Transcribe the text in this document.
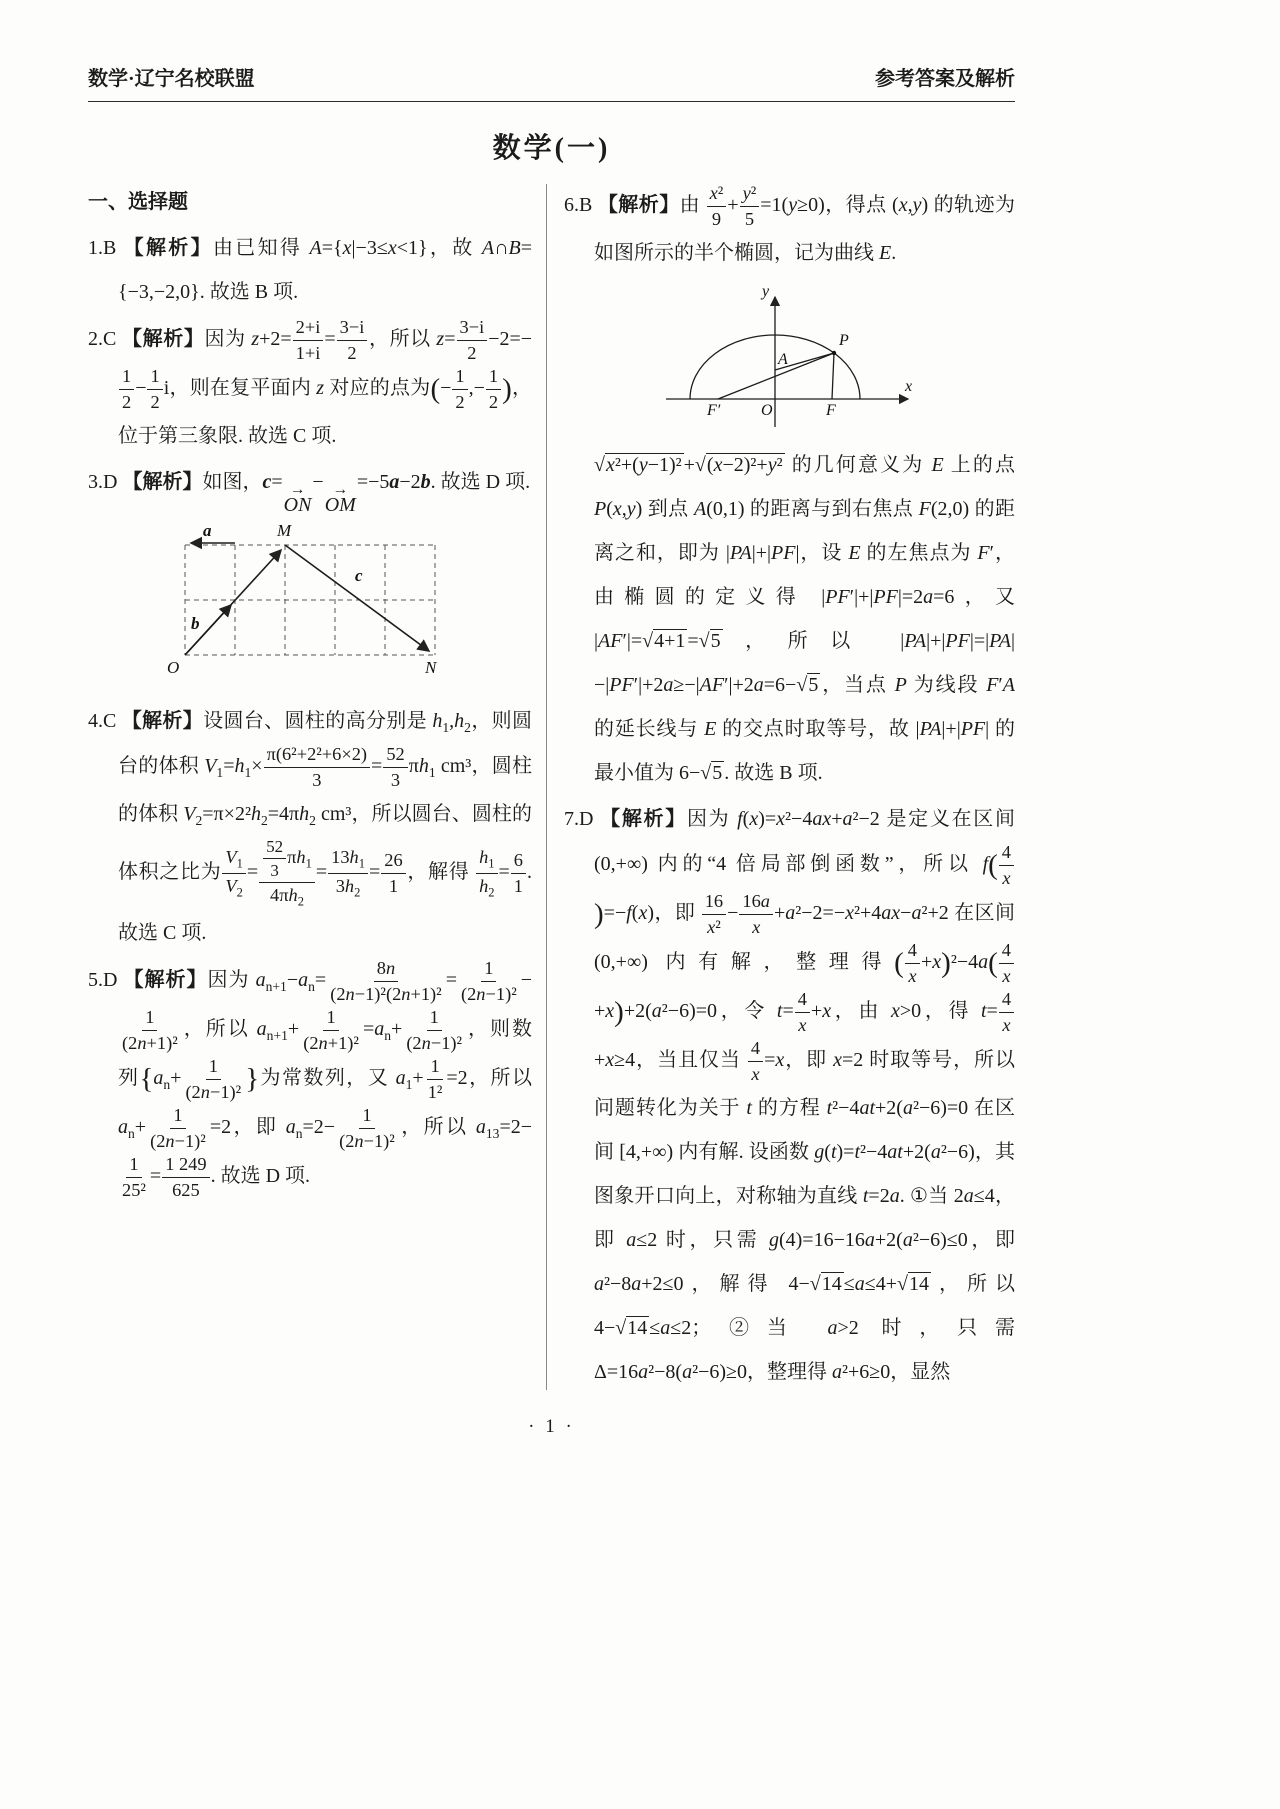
数学·辽宁名校联盟	参考答案及解析
数学(一)
一、选择题
1.B 【解析】由已知得 A={x|−3≤x<1}，故 A∩B={−3,−2,0}. 故选 B 项.
2.C 【解析】因为 $z+2= \frac{2+i}{1+i} = \frac{3-i}{2}$ ，所以 $z= \frac{3-i}{2} -2=-$
$\frac{1}{2} - \frac{1}{2}$ i，则在复平面内 z 对应的点为(− $\frac{1}{2}$ ,− $\frac{1}{2}$ )，位于第三象限. 故选 C 项.
3.D 【解析】如图，c= →
ON
− →
OM
=−5a−2b. 故选 D 项.
a
c
b
M
O	N
4.C 【解析】设圆台、圆柱的高分别是 $h_1,h_2$，则圆台的体积 $V_1=h_1\times \frac{\text{π(6²+2²+6×2)}}{3} = \frac{52}{3} \pi h_1$ cm³，圆柱的体积 $V_2=\pi\times 2^2h_2=4\pi h_2$ cm³，所以圆台、圆柱的体积之比为 $\frac{V_1}{V_2} = \frac{\frac{52}{3} \pi h_1}{4\pi h_2} = \frac{13h_1}{3h_2} = \frac{26}{1}$ ，解得 $\frac{h_1}{h_2} = \frac{6}{1}$ . 故选 C 项.
5.D 【解析】因为 $a_{n+1}-a_n= \frac{8n}{\text{(2n−1)²(2n+1)²}} = \frac{1}{\text{(2n−1)²}}$ −
$\frac{1}{\text{(2n+1)²}}$ ，所以 $a_{n+1}+ \frac{1}{\text{(2n+1)²}} =a_n+ \frac{1}{\text{(2n−1)²}}$ ，则数列{$a_n+ \frac{1}{\text{(2n−1)²}}$ }为常数列，又 $a_1+ \frac{1}{\text{1²}} =2$，所以 $a_n+ \frac{1}{\text{(2n−1)²}} =2$，即 $a_n=2- \frac{1}{\text{(2n−1)²}}$ ，所以 $a_{13}=2-$
$\frac{1}{\text{25²}} = \frac{1 249}{625}$ . 故选 D 项.
6.B 【解析】由 $\frac{\text{x²}}{9} + \frac{\text{y²}}{5} =1(y\ge 0)$，得点 (x,y) 的轨迹为如图所示的半个椭圆，记为曲线 E.
y
P
A
F′	O	F
x
√x²+(y−1)² +√(x−2)²+y² 的几何意义为 E 上的点 P(x,y) 到点 A(0,1) 的距离与到右焦点 F(2,0) 的距离之和，即为 |PA|+|PF|，设 E 的左焦点为 F′，由椭圆的定义得 |PF′|+|PF|=2a=6，又 |AF′|=√4+1 =√5 ，所以 |PA|+|PF|=|PA|−|PF′|+2a≥−|AF′|+2a=6−√5 ，当点 P 为线段 F′A 的延长线与 E 的交点时取等号，故 |PA|+|PF| 的最小值为 6−√5 . 故选 B 项.
7.D 【解析】因为 f(x)=x²−4ax+a²−2 是定义在区间 (0,+∞) 内的“4 倍局部倒函数”，所以 $f( \frac{4}{x}$
)=−f(x)，即 $\frac{16}{\text{x²}} - \frac{16a}{x} +a^2-2=-x^2+4ax-a^2+2$ 在区间 (0,+∞) 内有解，整理得( $\frac{4}{x} +x)^2-4a( \frac{4}{x}$
+x)+2(a²−6)=0，令 $t= \frac{4}{x} +x$，由 x>0，得 $t= \frac{4}{x}$
+x≥4，当且仅当 $\frac{4}{x} =x$，即 x=2 时取等号，所以问题转化为关于 t 的方程 t²−4at+2(a²−6)=0 在区间 [4,+∞) 内有解. 设函数 g(t)=t²−4at+2(a²−6)，其图象开口向上，对称轴为直线 t=2a. ①当 2a≤4，即 a≤2 时，只需 g(4)=16−16a+2(a²−6)≤0，即 a²−8a+2≤0，解得 4−√14 ≤a≤4+√14 ，所以 4−√14 ≤a≤2；②当 a>2 时，只需 Δ=16a²−8(a²−6)≥0，整理得 a²+6≥0，显然
· 1 ·
